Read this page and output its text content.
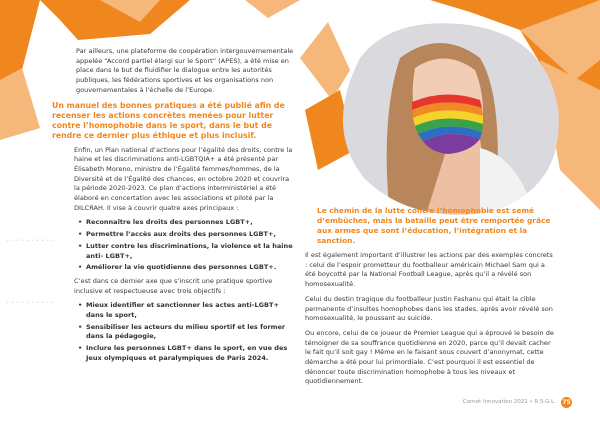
• • • • • • • • • •
• • • • • • • • • •

Par ailleurs, une plateforme de coopération intergouvernementale appelée “Accord partiel élargi sur le Sport” (APES), a été mise en place dans le but de fluidifier le dialogue entre les autorités publiques, les fédérations sportives et les organisations non gouvernementales à l’échelle de l’Europe.

Un manuel des bonnes pratiques a été publié afin de recenser les actions concrètes menées pour lutter contre l’homophobie dans le sport, dans le but de rendre ce dernier plus éthique et plus inclusif.

Enfin, un Plan national d’actions pour l’égalité des droits, contre la haine et les discriminations anti-LGBTQIA+ a été présenté par Élisabeth Moreno, ministre de l’Égalité femmes/hommes, de la Diversité et de l’Égalité des chances, en octobre 2020 et couvrira la période 2020-2023. Ce plan d’actions interministériel a été élaboré en concertation avec les associations et piloté par la DILCRAH. Il vise à couvrir quatre axes principaux :

• Reconnaître les droits des personnes LGBT+,
• Permettre l’accès aux droits des personnes LGBT+,
• Lutter contre les discriminations, la violence et la haine anti- LGBT+,
• Améliorer la vie quotidienne des personnes LGBT+.

C’est dans ce dernier axe que s’inscrit une pratique sportive inclusive et respectueuse avec trois objectifs :

• Mieux identifier et sanctionner les actes anti-LGBT+ dans le sport,
• Sensibiliser les acteurs du milieu sportif et les former dans la pédagogie,
• Inclure les personnes LGBT+ dans le sport, en vue des Jeux olympiques et paralympiques de Paris 2024.

Le chemin de la lutte contre l’homophobie est semé d’embûches, mais la bataille peut être remportée grâce aux armes que sont l’éducation, l’intégration et la sanction.

Il est également important d’illustrer les actions par des exemples concrets : celui de l’espoir prometteur du footballeur américain Michael Sam qui a été boycotté par la National Football League, après qu’il a révélé son homosexualité.

Celui du destin tragique du footballeur Justin Fashanu qui était la cible permanente d’insultes homophobes dans les stades, après avoir révélé son homosexualité, le poussant au suicide.

Ou encore, celui de ce joueur de Premier League qui a éprouvé le besoin de témoigner de sa souffrance quotidienne en 2020, parce qu’il devait cacher le fait qu’il soit gay ! Même en le faisant sous couvert d’anonymat, cette démarche a été pour lui primordiale. C’est pourquoi il est essentiel de dénoncer toute discrimination homophobe à tous les niveaux et quotidiennement.

Carnet Innovation 2021 • R.S.G.L. 75
